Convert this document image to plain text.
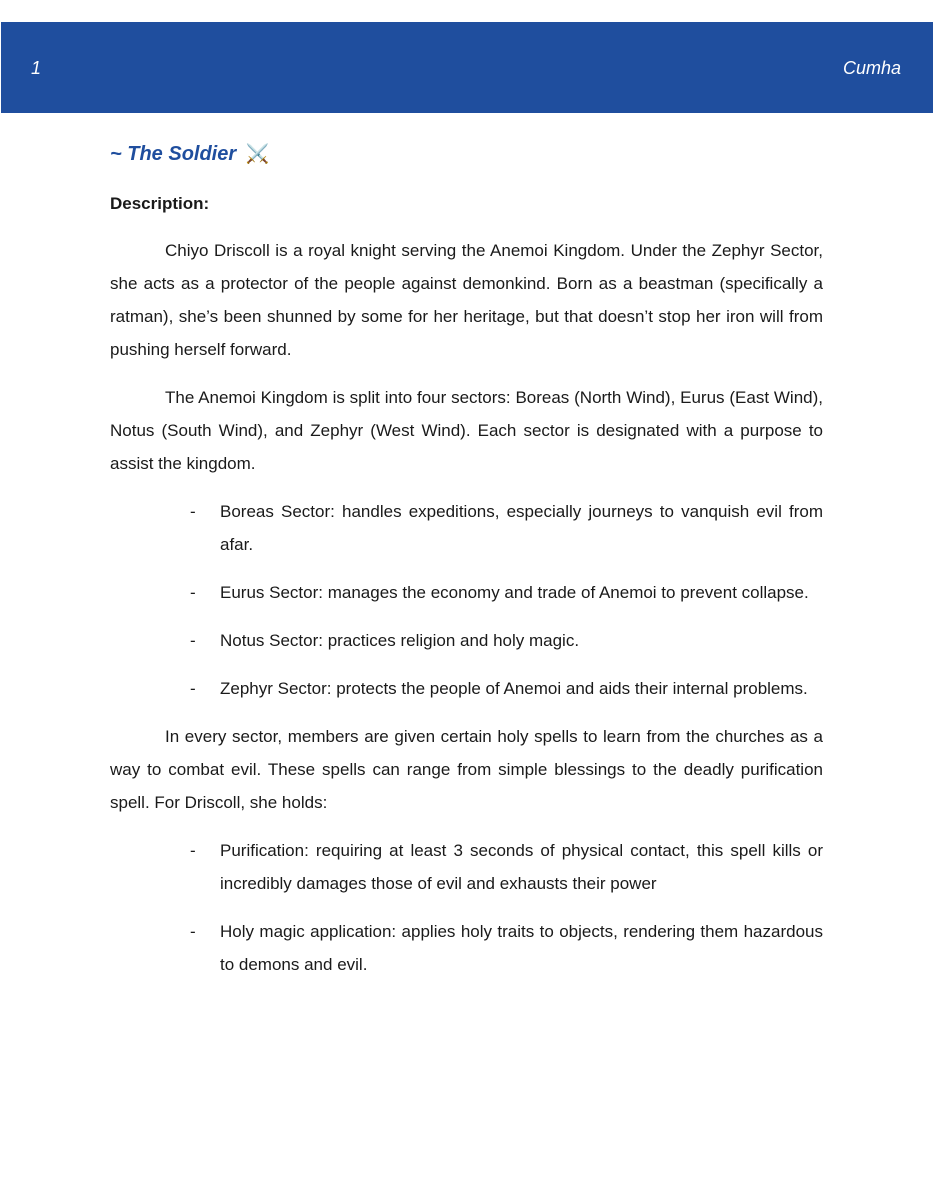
1	Cumha
~ The Soldier ⚔️
Description:

Chiyo Driscoll is a royal knight serving the Anemoi Kingdom. Under the Zephyr Sector, she acts as a protector of the people against demonkind. Born as a beastman (specifically a ratman), she’s been shunned by some for her heritage, but that doesn’t stop her iron will from pushing herself forward.

The Anemoi Kingdom is split into four sectors: Boreas (North Wind), Eurus (East Wind), Notus (South Wind), and Zephyr (West Wind). Each sector is designated with a purpose to assist the kingdom.

- Boreas Sector: handles expeditions, especially journeys to vanquish evil from afar.
- Eurus Sector: manages the economy and trade of Anemoi to prevent collapse.
- Notus Sector: practices religion and holy magic.
- Zephyr Sector: protects the people of Anemoi and aids their internal problems.

In every sector, members are given certain holy spells to learn from the churches as a way to combat evil. These spells can range from simple blessings to the deadly purification spell. For Driscoll, she holds:

- Purification: requiring at least 3 seconds of physical contact, this spell kills or incredibly damages those of evil and exhausts their power
- Holy magic application: applies holy traits to objects, rendering them hazardous to demons and evil.
